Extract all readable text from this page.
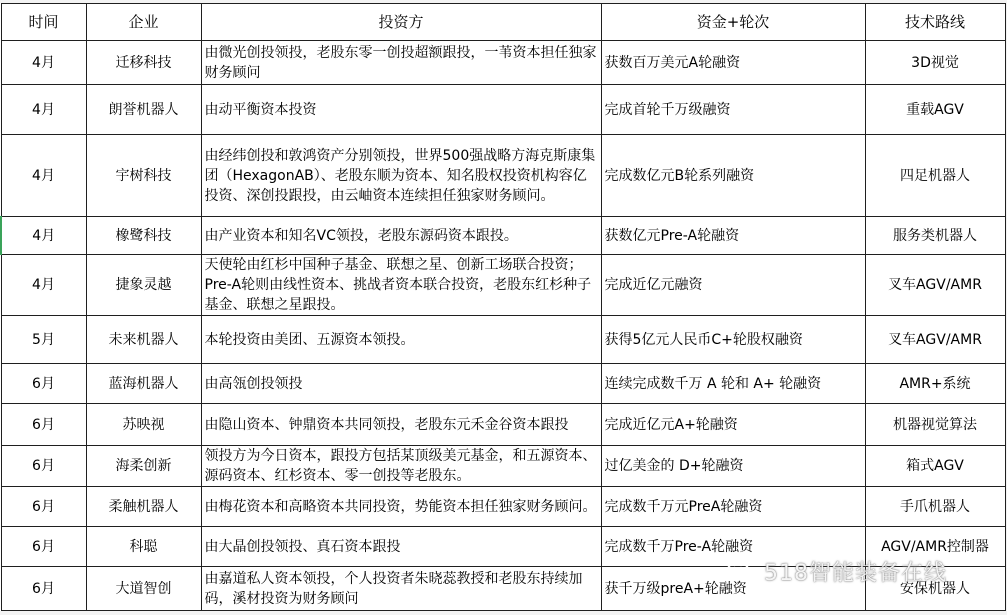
时间	企业	投资方	资金+轮次	技术路线
4月	迁移科技	由微光创投领投，老股东零一创投超额跟投，一苇资本担任独家财务顾问	获数百万美元A轮融资	3D视觉
4月	朗誉机器人	由动平衡资本投资	完成首轮千万级融资	重载AGV
4月	宇树科技	由经纬创投和敦鸿资产分别领投，世界500强战略方海克斯康集团（HexagonAB）、老股东顺为资本、知名股权投资机构容亿投资、深创投跟投，由云岫资本连续担任独家财务顾问。	完成数亿元B轮系列融资	四足机器人
4月	橡鹭科技	由产业资本和知名VC领投，老股东源码资本跟投。	获数亿元Pre-A轮融资	服务类机器人
4月	捷象灵越	天使轮由红杉中国种子基金、联想之星、创新工场联合投资；Pre-A轮则由线性资本、挑战者资本联合投资，老股东红杉种子基金、联想之星跟投。	完成近亿元融资	叉车AGV/AMR
5月	未来机器人	本轮投资由美团、五源资本领投。	获得5亿元人民币C+轮股权融资	叉车AGV/AMR
6月	蓝海机器人	由高瓴创投领投	连续完成数千万 A 轮和 A+ 轮融资	AMR+系统
6月	苏映视	由隐山资本、钟鼎资本共同领投，老股东元禾金谷资本跟投	完成近亿元A+轮融资	机器视觉算法
6月	海柔创新	领投方为今日资本，跟投方包括某顶级美元基金，和五源资本、源码资本、红杉资本、零一创投等老股东。	过亿美金的 D+轮融资	箱式AGV
6月	柔触机器人	由梅花资本和高略资本共同投资，势能资本担任独家财务顾问。	完成数千万元PreA轮融资	手爪机器人
6月	科聪	由大晶创投领投、真石资本跟投	完成数千万Pre-A轮融资	AGV/AMR控制器
6月	大道智创	由嘉道私人资本领投，个人投资者朱晓蕊教授和老股东持续加码，溪材投资为财务顾问	获千万级preA+轮融资	安保机器人
518智能装备在线
